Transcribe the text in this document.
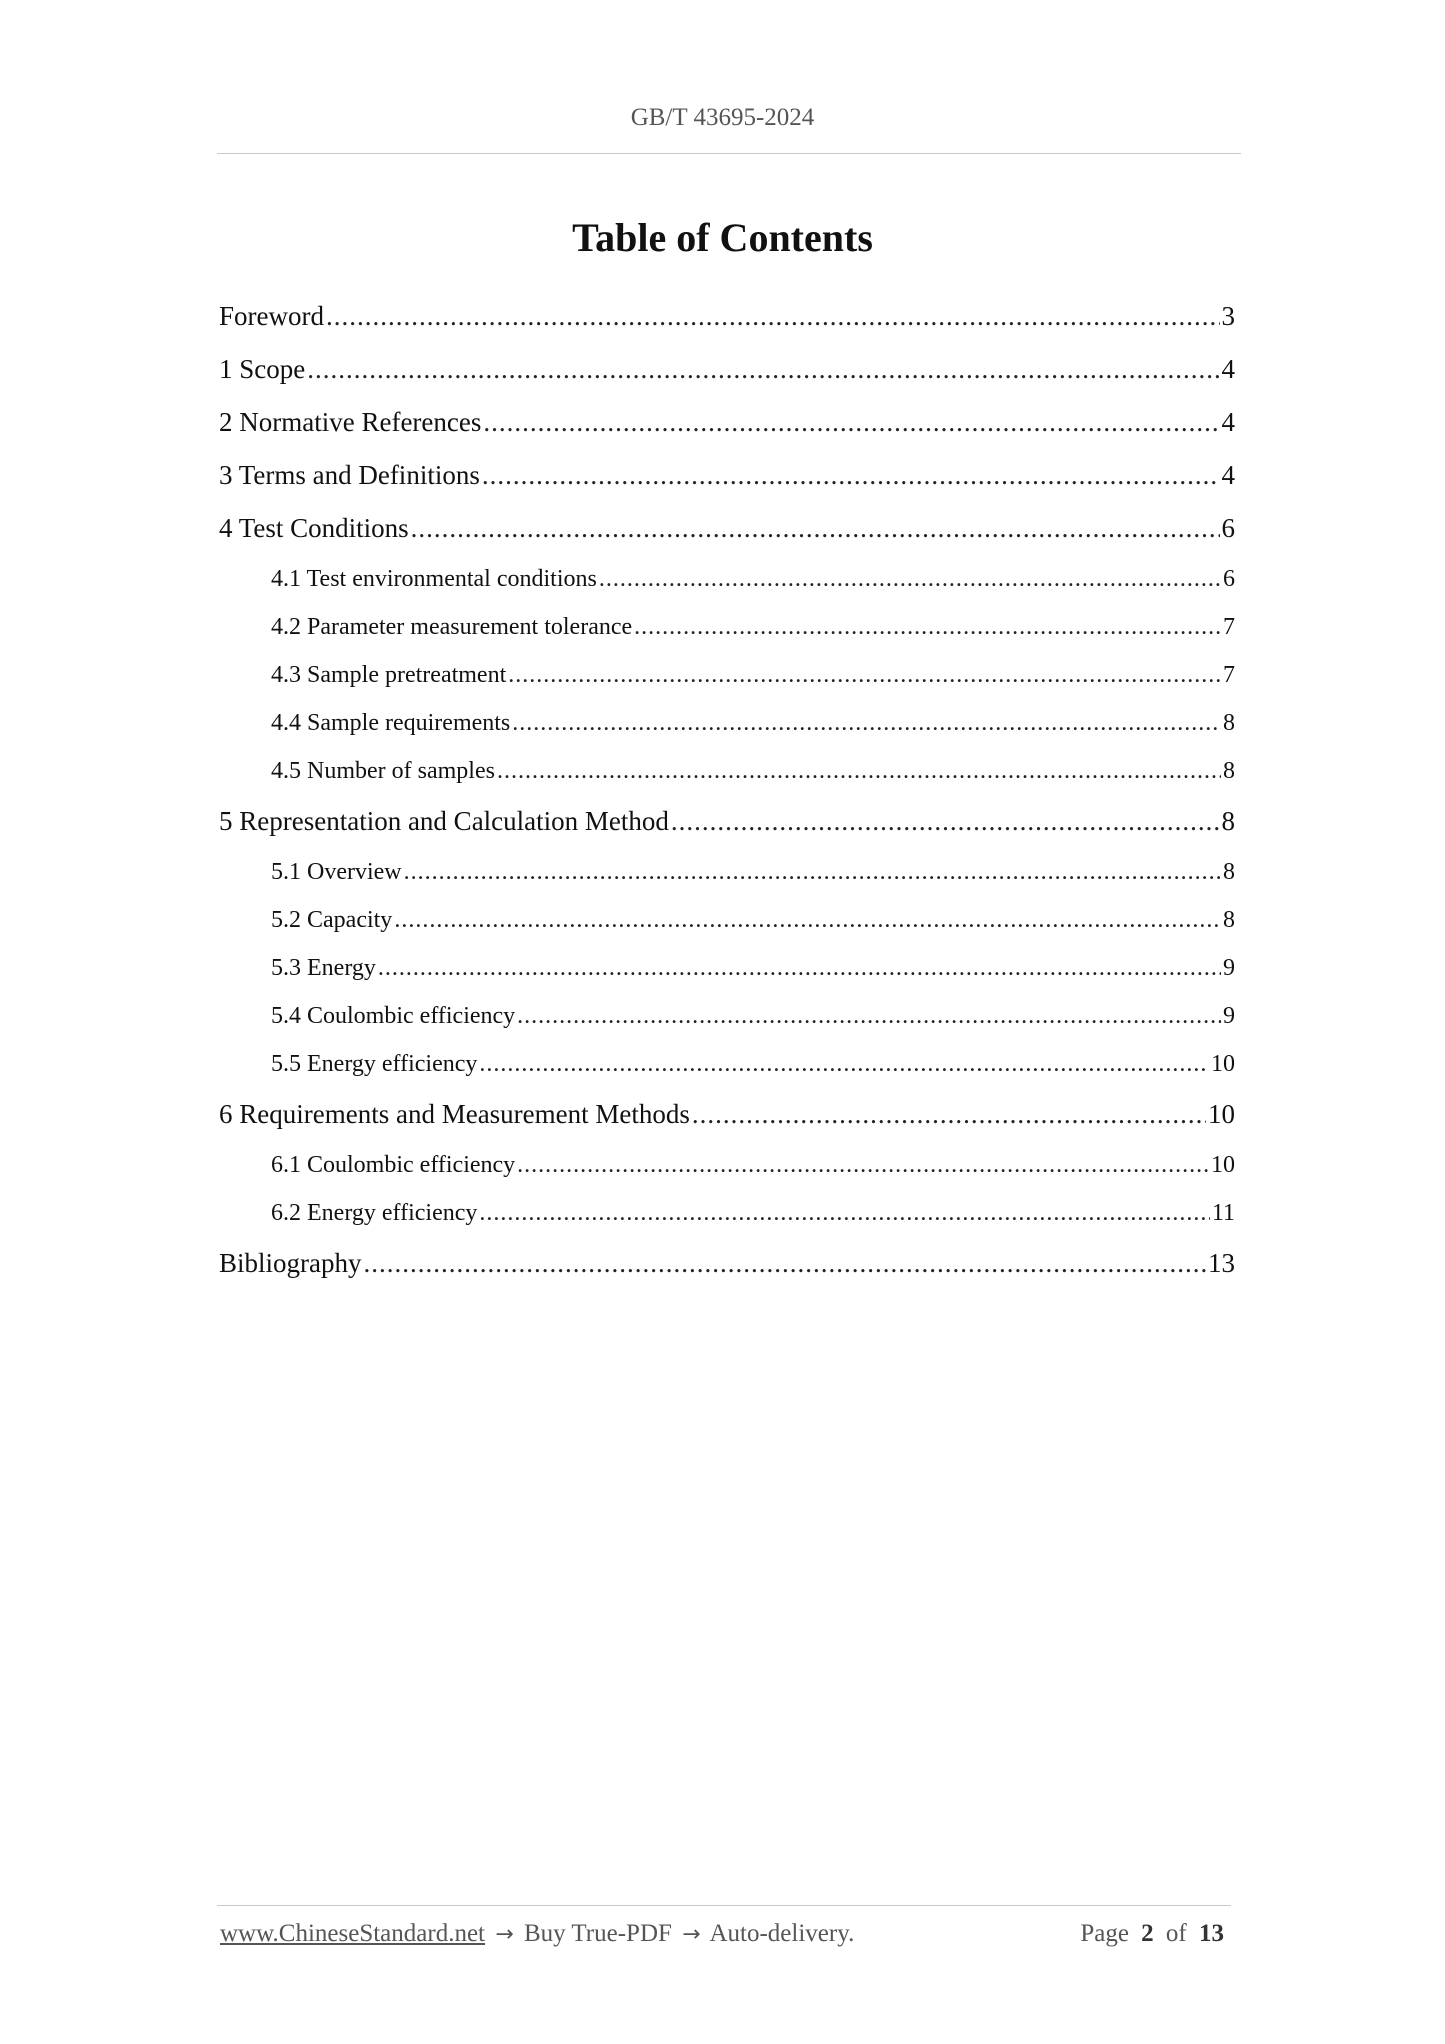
GB/T 43695-2024
Table of Contents
Foreword .....	3
1 Scope .....	4
2 Normative References .....	4
3 Terms and Definitions .....	4
4 Test Conditions .....	6
4.1 Test environmental conditions .....	6
4.2 Parameter measurement tolerance .....	7
4.3 Sample pretreatment .....	7
4.4 Sample requirements .....	8
4.5 Number of samples .....	8
5 Representation and Calculation Method .....	8
5.1 Overview .....	8
5.2 Capacity .....	8
5.3 Energy .....	9
5.4 Coulombic efficiency .....	9
5.5 Energy efficiency .....	10
6 Requirements and Measurement Methods .....	10
6.1 Coulombic efficiency .....	10
6.2 Energy efficiency .....	11
Bibliography .....	13
www.ChineseStandard.net → Buy True-PDF → Auto-delivery.	Page 2 of 13
